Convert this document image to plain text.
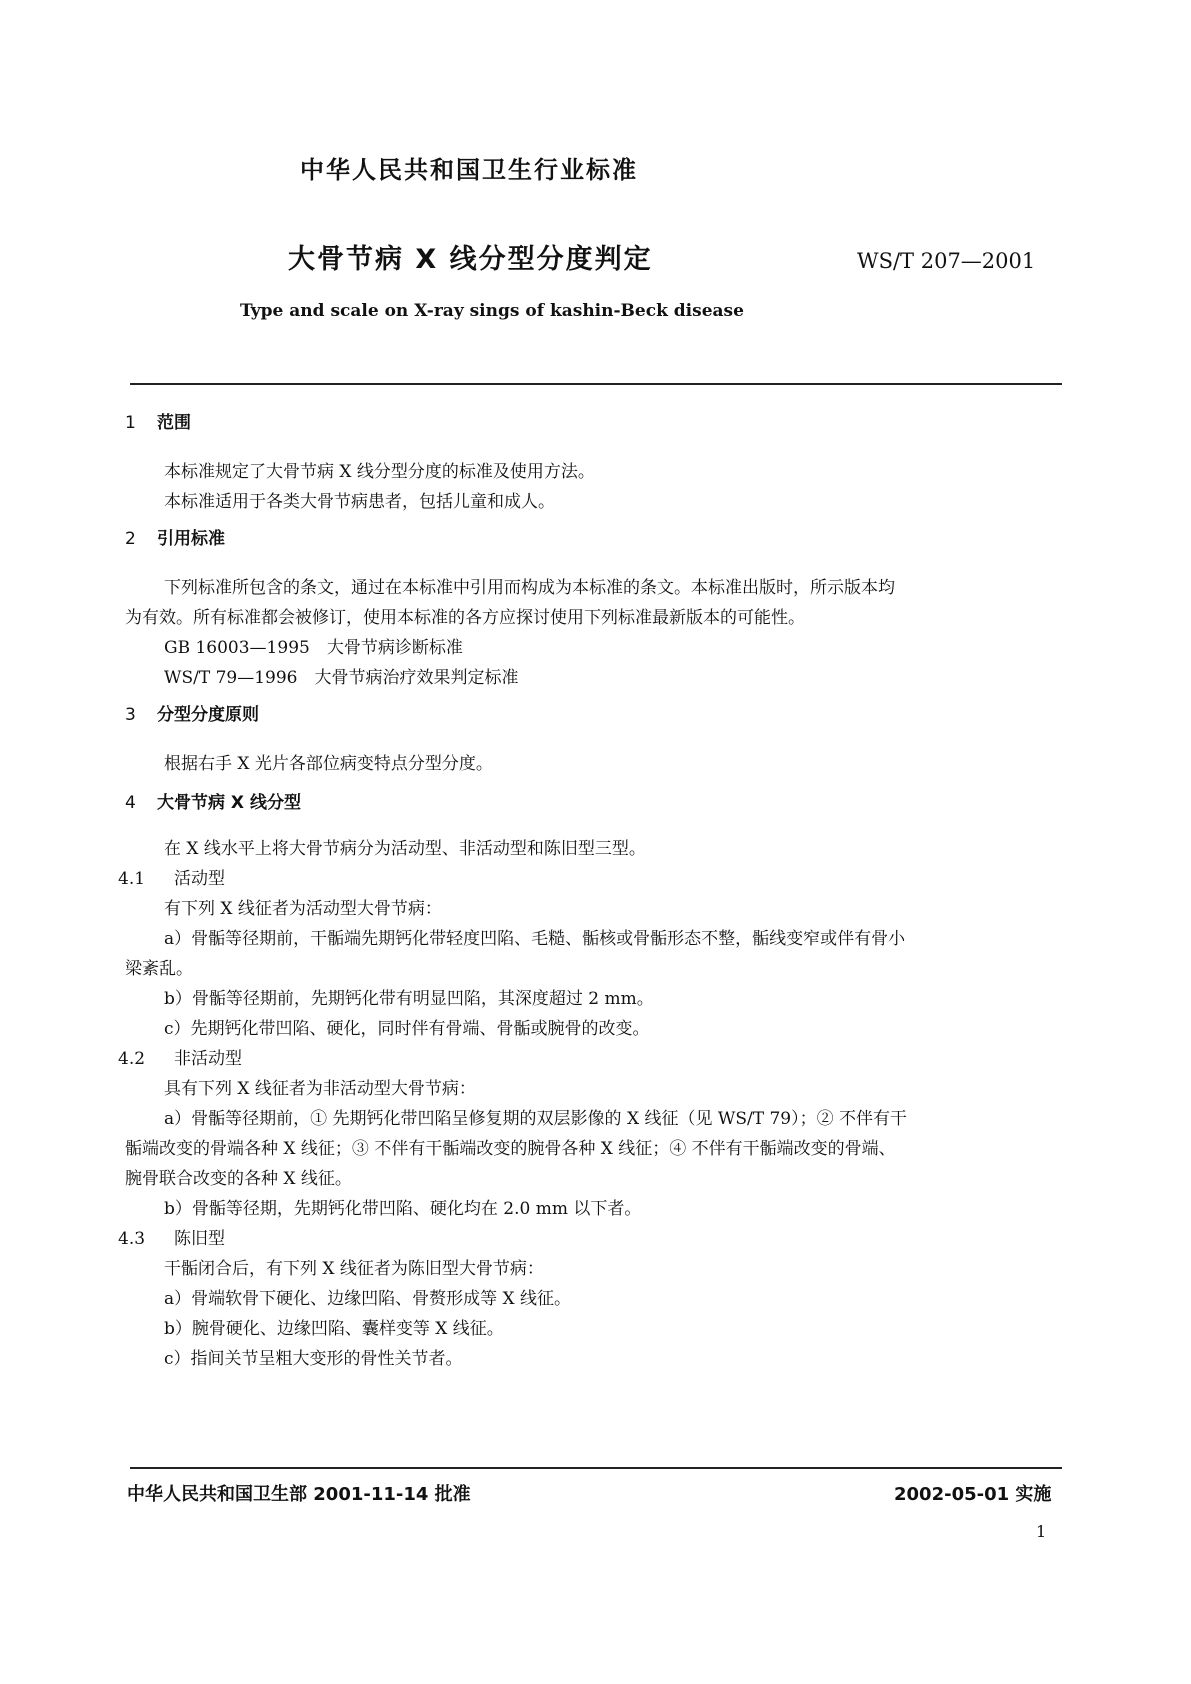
中华人民共和国卫生行业标准
大骨节病 X 线分型分度判定	WS/T 207—2001
Type and scale on X-ray sings of kashin-Beck disease
1 范围
本标准规定了大骨节病 X 线分型分度的标准及使用方法。
本标准适用于各类大骨节病患者，包括儿童和成人。
2 引用标准
下列标准所包含的条文，通过在本标准中引用而构成为本标准的条文。本标准出版时，所示版本均
为有效。所有标准都会被修订，使用本标准的各方应探讨使用下列标准最新版本的可能性。
GB 16003—1995　大骨节病诊断标准
WS/T 79—1996　大骨节病治疗效果判定标准
3 分型分度原则
根据右手 X 光片各部位病变特点分型分度。
4 大骨节病 X 线分型
在 X 线水平上将大骨节病分为活动型、非活动型和陈旧型三型。
4.1 活动型
有下列 X 线征者为活动型大骨节病：
a）骨骺等径期前，干骺端先期钙化带轻度凹陷、毛糙、骺核或骨骺形态不整，骺线变窄或伴有骨小
梁紊乱。
b）骨骺等径期前，先期钙化带有明显凹陷，其深度超过 2 mm。
c）先期钙化带凹陷、硬化，同时伴有骨端、骨骺或腕骨的改变。
4.2 非活动型
具有下列 X 线征者为非活动型大骨节病：
a）骨骺等径期前，① 先期钙化带凹陷呈修复期的双层影像的 X 线征（见 WS/T 79）；② 不伴有干
骺端改变的骨端各种 X 线征；③ 不伴有干骺端改变的腕骨各种 X 线征；④ 不伴有干骺端改变的骨端、
腕骨联合改变的各种 X 线征。
b）骨骺等径期，先期钙化带凹陷、硬化均在 2.0 mm 以下者。
4.3 陈旧型
干骺闭合后，有下列 X 线征者为陈旧型大骨节病：
a）骨端软骨下硬化、边缘凹陷、骨赘形成等 X 线征。
b）腕骨硬化、边缘凹陷、囊样变等 X 线征。
c）指间关节呈粗大变形的骨性关节者。
中华人民共和国卫生部 2001-11-14 批准	2002-05-01 实施
1
